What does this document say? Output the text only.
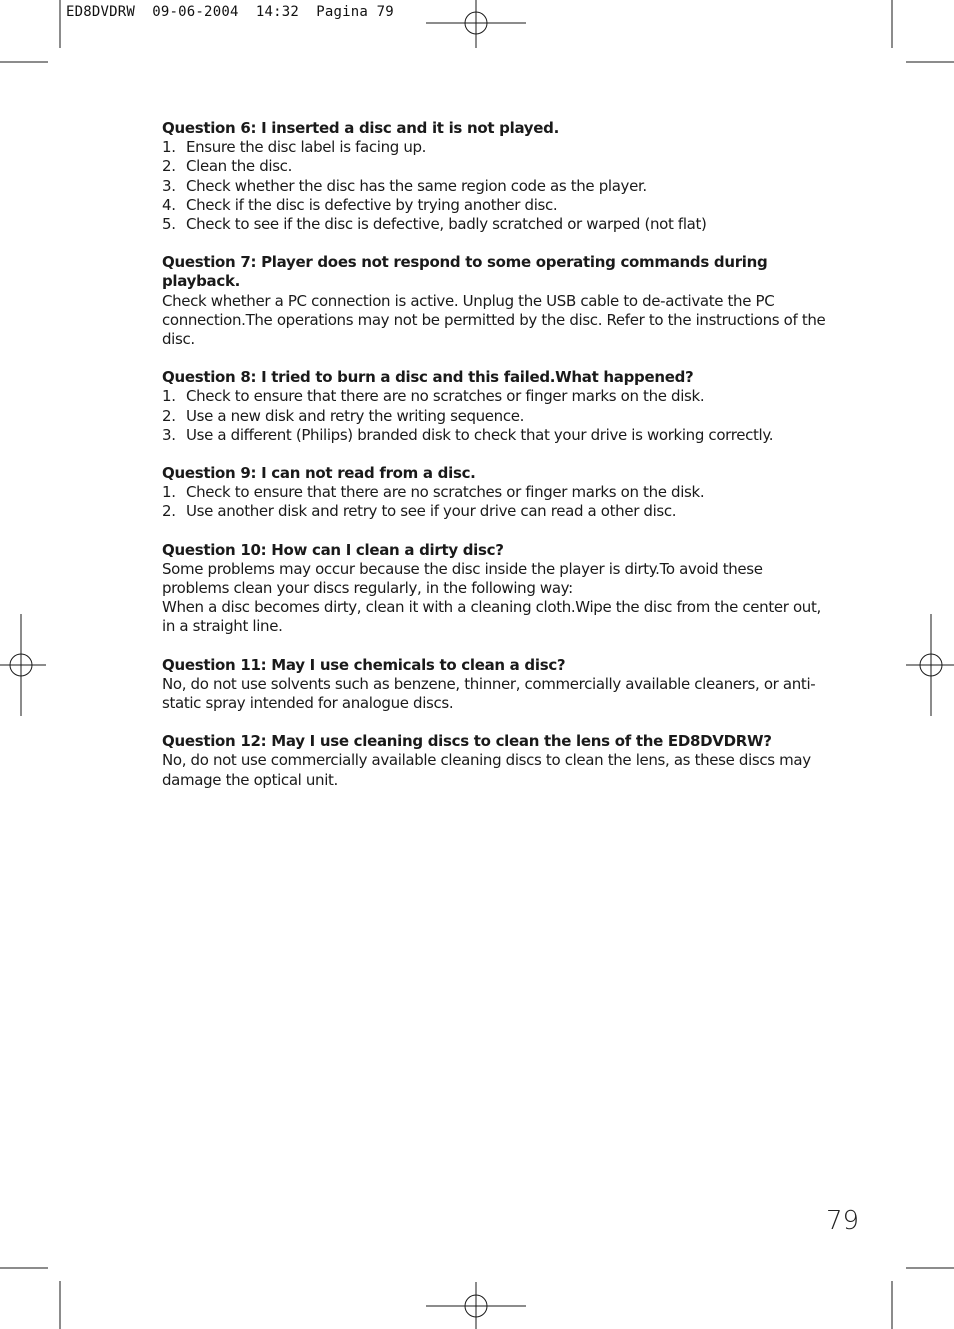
ED8DVDRW  09-06-2004  14:32  Pagina 79

Question 6: I inserted a disc and it is not played.

1. Ensure the disc label is facing up.
2. Clean the disc.
3. Check whether the disc has the same region code as the player.
4. Check if the disc is defective by trying another disc.
5. Check to see if the disc is defective, badly scratched or warped (not flat)

Question 7: Player does not respond to some operating commands during playback.

Check whether a PC connection is active. Unplug the USB cable to de-activate the PC connection.The operations may not be permitted by the disc. Refer to the instructions of the disc.

Question 8: I tried to burn a disc and this failed.What happened?

1. Check to ensure that there are no scratches or finger marks on the disk.
2. Use a new disk and retry the writing sequence.
3. Use a different (Philips) branded disk to check that your drive is working correctly.

Question 9: I can not read from a disc.

1. Check to ensure that there are no scratches or finger marks on the disk.
2. Use another disk and retry to see if your drive can read a other disc.

Question 10: How can I clean a dirty disc?

Some problems may occur because the disc inside the player is dirty.To avoid these problems clean your discs regularly, in the following way:

When a disc becomes dirty, clean it with a cleaning cloth.Wipe the disc from the center out, in a straight line.

Question 11: May I use chemicals to clean a disc?

No, do not use solvents such as benzene, thinner, commercially available cleaners, or anti-static spray intended for analogue discs.

Question 12: May I use cleaning discs to clean the lens of the ED8DVDRW?

No, do not use commercially available cleaning discs to clean the lens, as these discs may damage the optical unit.

79
